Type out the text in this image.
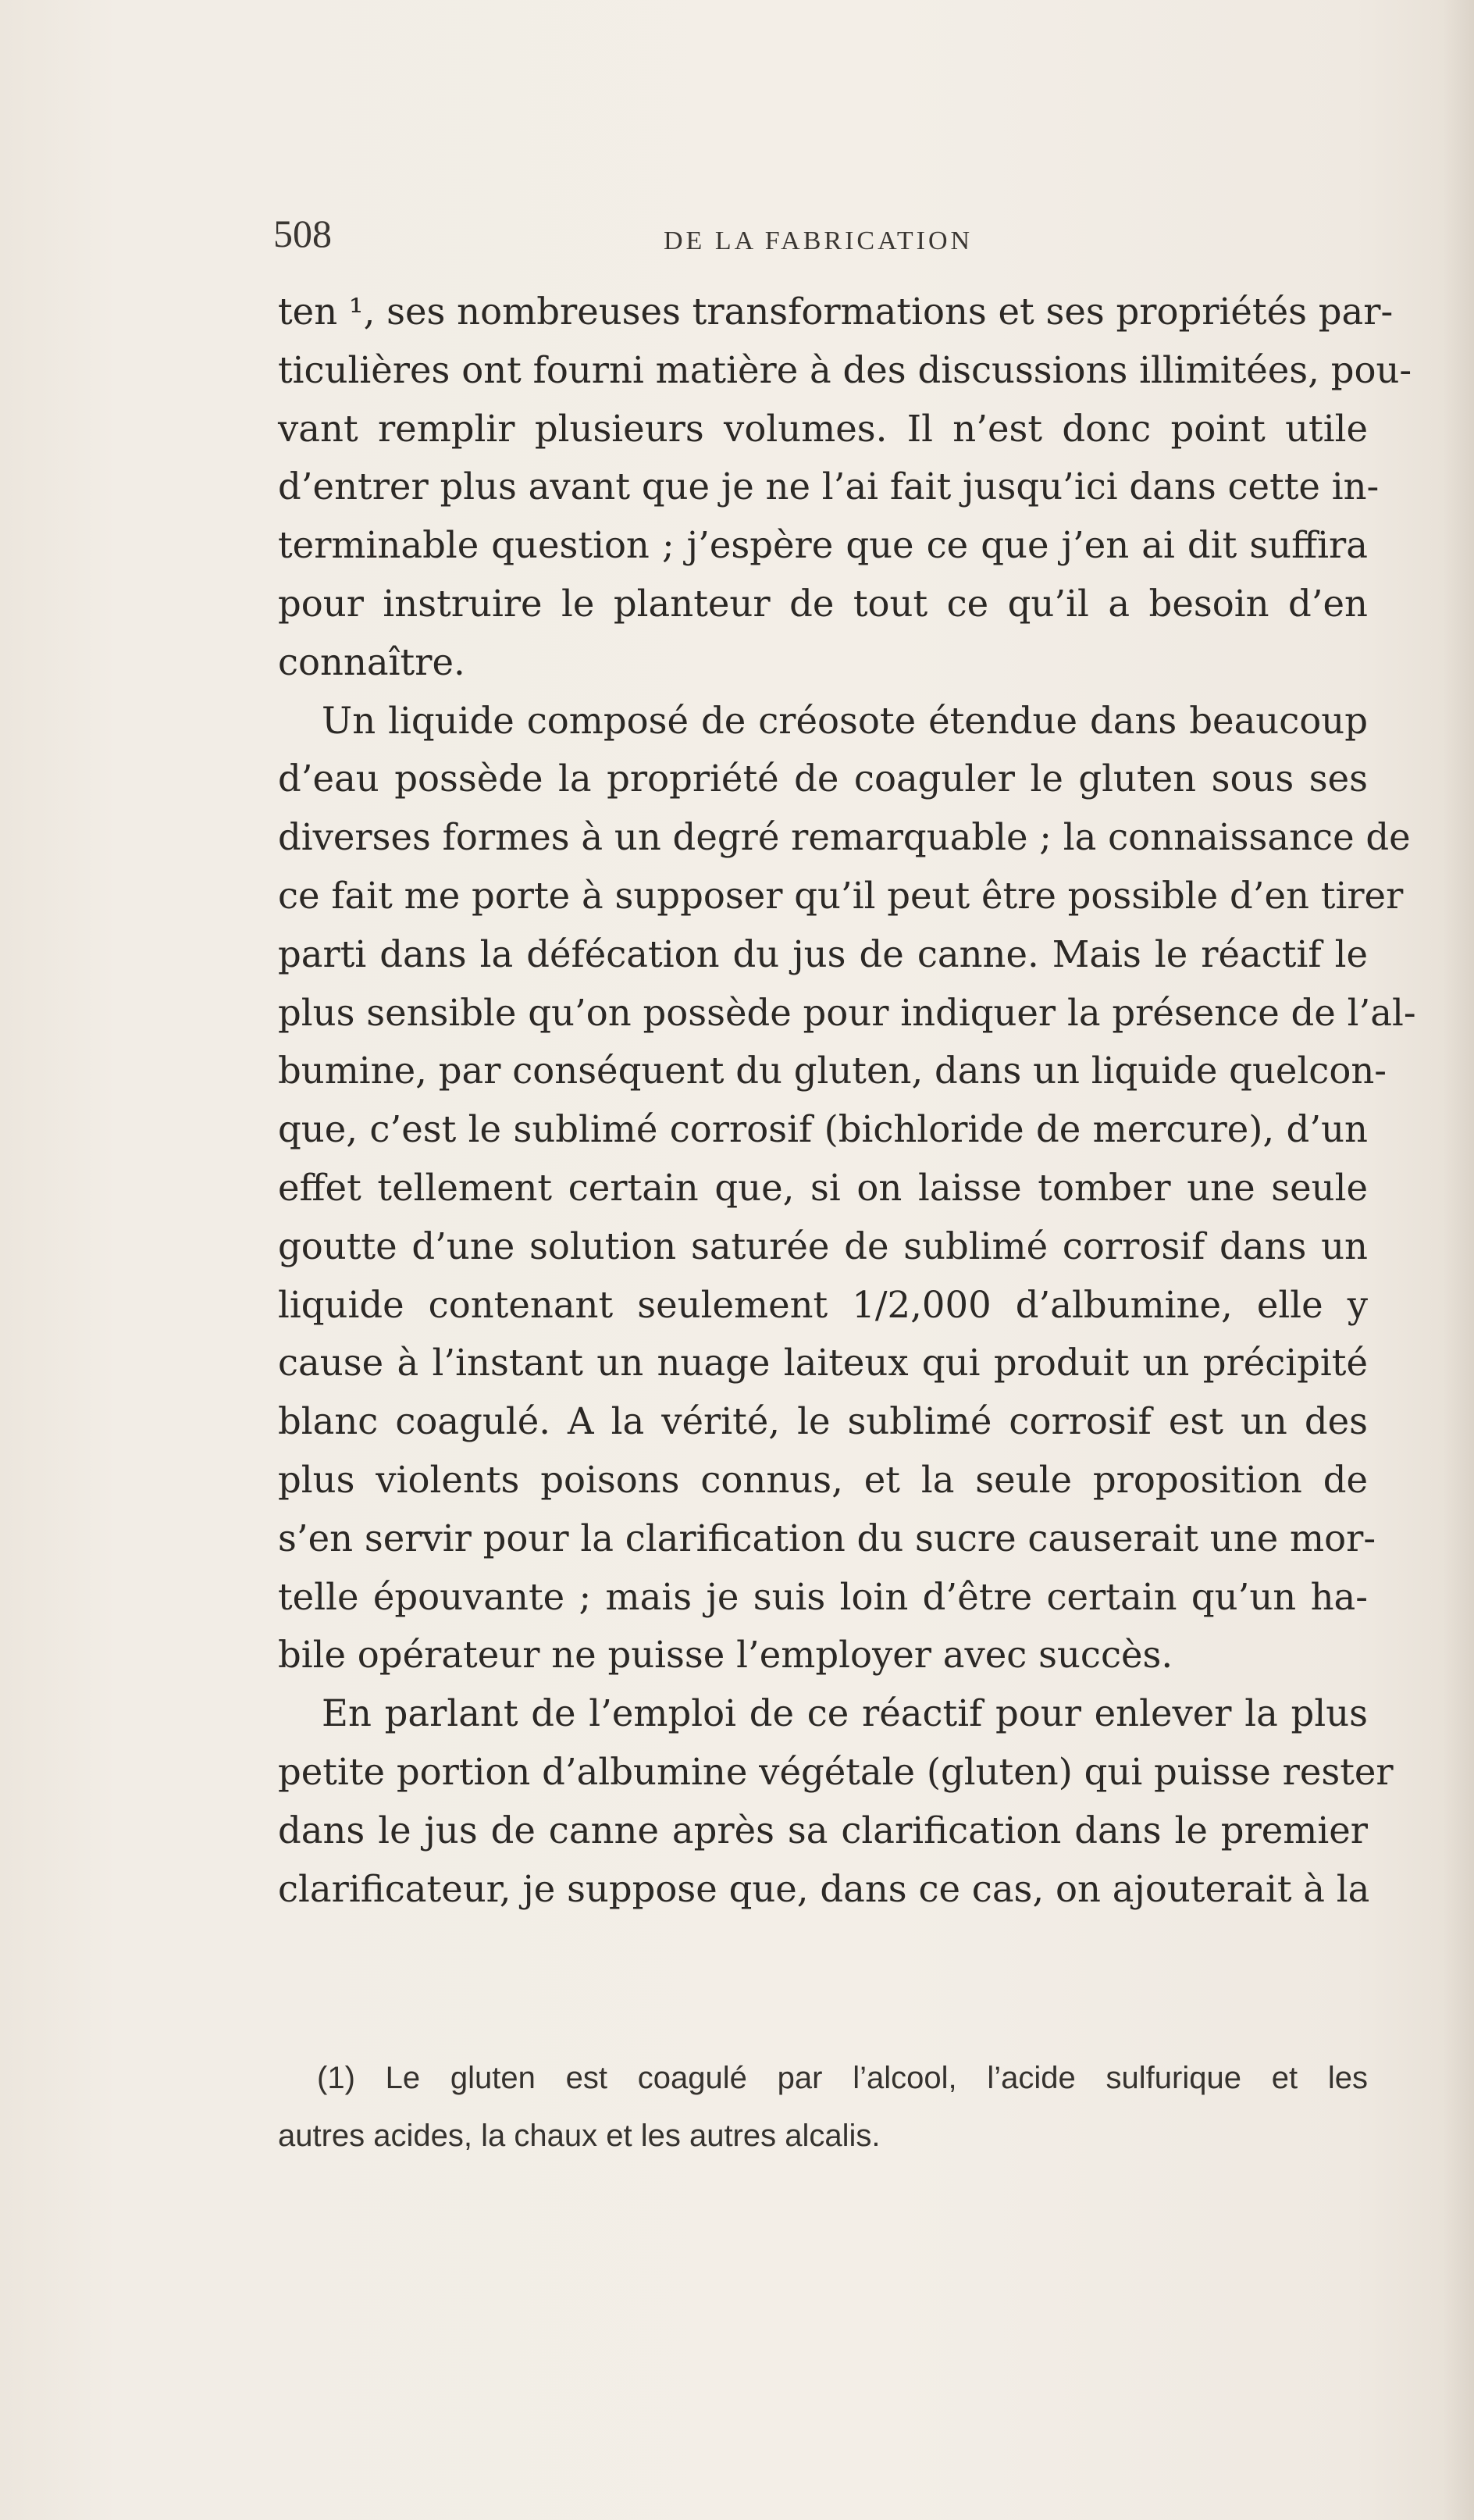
508	DE LA FABRICATION
ten ¹, ses nombreuses transformations et ses propriétés par-
ticulières ont fourni matière à des discussions illimitées, pou-
vant remplir plusieurs volumes. Il n’est donc point utile
d’entrer plus avant que je ne l’ai fait jusqu’ici dans cette in-
terminable question ; j’espère que ce que j’en ai dit suffira
pour instruire le planteur de tout ce qu’il a besoin d’en
connaître.
Un liquide composé de créosote étendue dans beaucoup
d’eau possède la propriété de coaguler le gluten sous ses
diverses formes à un degré remarquable ; la connaissance de
ce fait me porte à supposer qu’il peut être possible d’en tirer
parti dans la défécation du jus de canne. Mais le réactif le
plus sensible qu’on possède pour indiquer la présence de l’al-
bumine, par conséquent du gluten, dans un liquide quelcon-
que, c’est le sublimé corrosif (bichloride de mercure), d’un
effet tellement certain que, si on laisse tomber une seule
goutte d’une solution saturée de sublimé corrosif dans un
liquide contenant seulement 1/2,000 d’albumine, elle y
cause à l’instant un nuage laiteux qui produit un précipité
blanc coagulé. A la vérité, le sublimé corrosif est un des
plus violents poisons connus, et la seule proposition de
s’en servir pour la clarification du sucre causerait une mor-
telle épouvante ; mais je suis loin d’être certain qu’un ha-
bile opérateur ne puisse l’employer avec succès.
En parlant de l’emploi de ce réactif pour enlever la plus
petite portion d’albumine végétale (gluten) qui puisse rester
dans le jus de canne après sa clarification dans le premier
clarificateur, je suppose que, dans ce cas, on ajouterait à la
(1) Le gluten est coagulé par l’alcool, l’acide sulfurique et les
autres acides, la chaux et les autres alcalis.
